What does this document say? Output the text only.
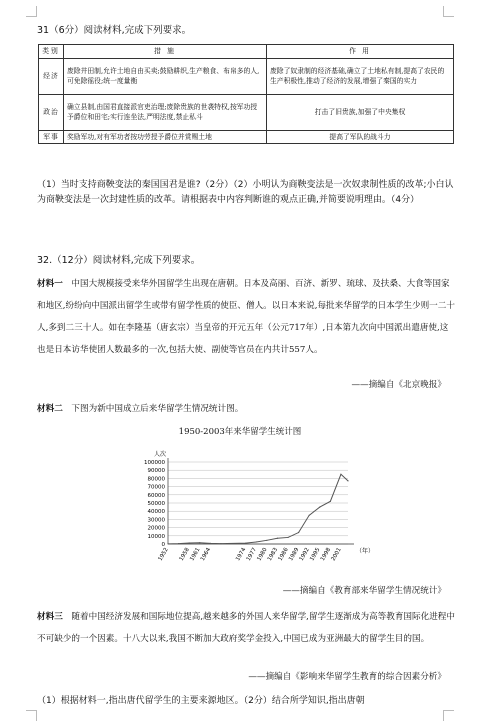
31（6分）阅读材料,完成下列要求。
类别	措 施	作 用
经济	废除井田制,允许土地自由买卖;鼓励耕织,生产粮食、布帛多的人,可免除徭役;统一度量衡	废除了奴隶制的经济基础,确立了土地私有制,提高了农民的生产积极性,推动了经济的发展,增强了秦国的实力
政治	确立县制,由国君直接派官吏治理;废除贵族的世袭特权,按军功授予爵位和田宅;实行连坐法,严明法度,禁止私斗	打击了旧贵族,加强了中央集权
军事	奖励军功,对有军功者按功劳授予爵位并赏赐土地	提高了军队的战斗力
（1）当时支持商鞅变法的秦国国君是谁?（2分）（2）小明认为商鞅变法是一次奴隶制性质的改革;小白认为商鞅变法是一次封建性质的改革。请根据表中内容判断谁的观点正确,并简要说明理由。（4分）
32.（12分）阅读材料,完成下列要求。
材料一　 中国大规模接受来华外国留学生出现在唐朝。日本及高丽、百济、新罗、琉球、及扶桑、大食等国家和地区,纷纷向中国派出留学生或带有留学性质的使臣、僧人。以日本来说,每批来华留学的日本学生少则一二十人,多到二三十人。如在李隆基（唐玄宗）当皇帝的开元五年（公元717年）,日本第九次向中国派出遣唐使,这也是日本访华使团人数最多的一次,包括大使、副使等官员在内共计557人。
——摘编自《北京晚报》
材料二　 下图为新中国成立后来华留学生情况统计图。
1950-2003年来华留学生统计图
0
10000
20000
30000
40000
50000
60000
70000
80000
90000
100000
人次
1952 1958
1961
1964	1974
1977
1980
1983
1986
1989
1992
1995
1998
2001 （年）
——摘编自《教育部来华留学生情况统计》
材料三　 随着中国经济发展和国际地位提高,越来越多的外国人来华留学,留学生逐渐成为高等教育国际化进程中不可缺少的一个因素。十八大以来,我国不断加大政府奖学金投入,中国已成为亚洲最大的留学生目的国。
——摘编自《影响来华留学生教育的综合因素分析》
（1）根据材料一,指出唐代留学生的主要来源地区。（2分）结合所学知识,指出唐朝
